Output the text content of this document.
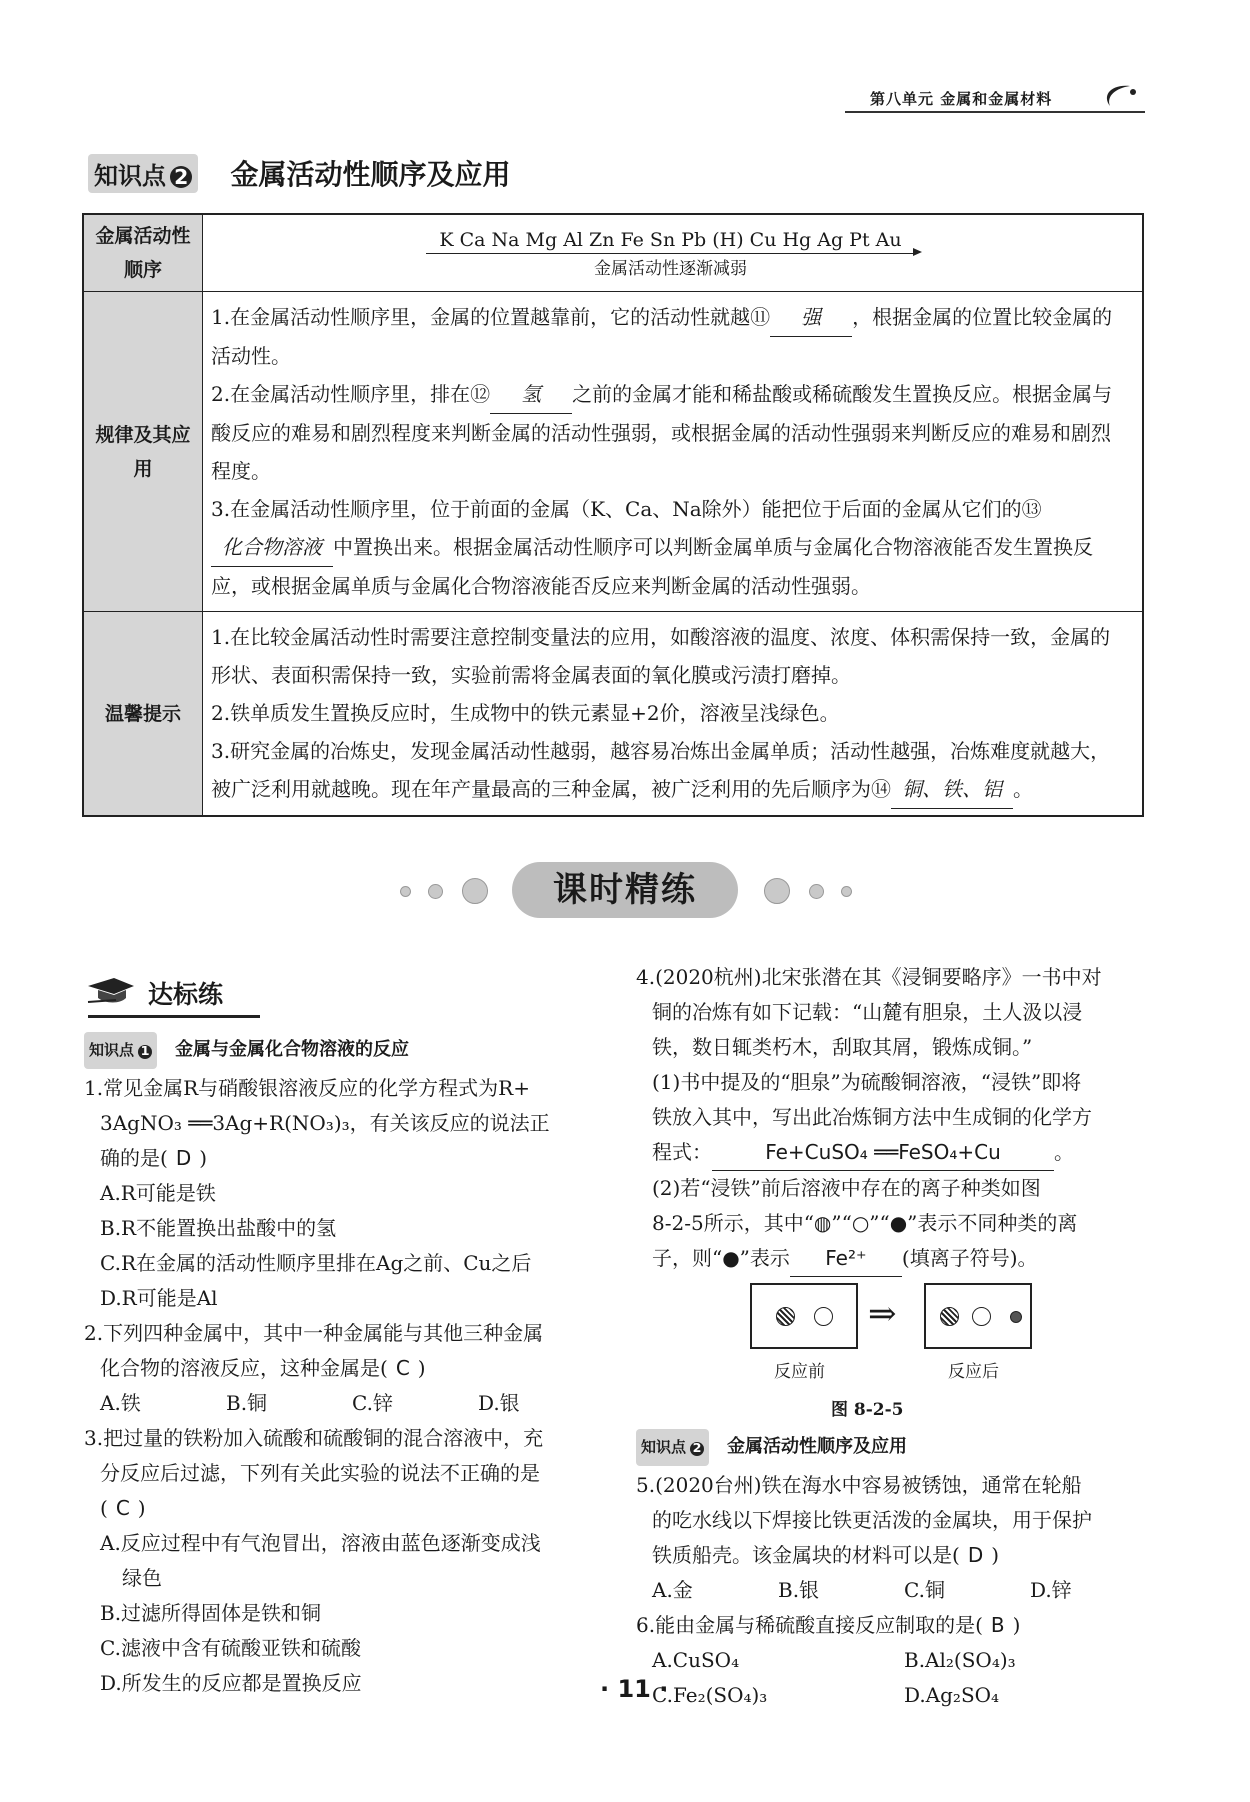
第八单元 金属和金属材料
知识点 2 金属活动性顺序及应用
金属活动性顺序	K Ca Na Mg Al Zn Fe Sn Pb (H) Cu Hg Ag Pt Au
金属活动性逐渐减弱

规律及其应用	1.在金属活动性顺序里，金属的位置越靠前，它的活动性就越⑪ 强 ，根据金属的位置比较金属的活动性。
2.在金属活动性顺序里，排在⑫ 氢 之前的金属才能和稀盐酸或稀硫酸发生置换反应。根据金属与酸反应的难易和剧烈程度来判断金属的活动性强弱，或根据金属的活动性强弱来判断反应的难易和剧烈程度。
3.在金属活动性顺序里，位于前面的金属（K、Ca、Na除外）能把位于后面的金属从它们的⑬化合物溶液 中置换出来。根据金属活动性顺序可以判断金属单质与金属化合物溶液能否发生置换反应，或根据金属单质与金属化合物溶液能否反应来判断金属的活动性强弱。

温馨提示	1.在比较金属活动性时需要注意控制变量法的应用，如酸溶液的温度、浓度、体积需保持一致，金属的形状、表面积需保持一致，实验前需将金属表面的氧化膜或污渍打磨掉。
2.铁单质发生置换反应时，生成物中的铁元素显+2价，溶液呈浅绿色。
3.研究金属的冶炼史，发现金属活动性越弱，越容易冶炼出金属单质；活动性越强，冶炼难度就越大，被广泛利用就越晚。现在年产量最高的三种金属，被广泛利用的先后顺序为⑭ 铜、铁、铝 。
课时精练
达标练
知识点 1 金属与金属化合物溶液的反应

1.常见金属R与硝酸银溶液反应的化学方程式为R+

3AgNO₃ ══3Ag+R(NO₃)₃，有关该反应的说法正

确的是( D )

A.R可能是铁

B.R不能置换出盐酸中的氢

C.R在金属的活动性顺序里排在Ag之前、Cu之后

D.R可能是Al

2.下列四种金属中，其中一种金属能与其他三种金属

化合物的溶液反应，这种金属是( C )

A.铁	B.铜	C.锌	D.银

3.把过量的铁粉加入硫酸和硫酸铜的混合溶液中，充

分反应后过滤，下列有关此实验的说法不正确的是

( C )

A.反应过程中有气泡冒出，溶液由蓝色逐渐变成浅

绿色

B.过滤所得固体是铁和铜

C.滤液中含有硫酸亚铁和硫酸

D.所发生的反应都是置换反应

4.(2020杭州)北宋张潜在其《浸铜要略序》一书中对

铜的冶炼有如下记载：“山麓有胆泉，土人汲以浸

铁，数日辄类朽木，刮取其屑，锻炼成铜。”

(1)书中提及的“胆泉”为硫酸铜溶液，“浸铁”即将

铁放入其中，写出此冶炼铜方法中生成铜的化学方

程式：	Fe+CuSO₄ ══FeSO₄+Cu	。

(2)若“浸铁”前后溶液中存在的离子种类如图

8-2-5所示，其中“◍”“○”“●”表示不同种类的离

子，则“●”表示 Fe²⁺ (填离子符号)。

⇒
反应前	反应后
图 8-2-5
知识点 2 金属活动性顺序及应用

5.(2020台州)铁在海水中容易被锈蚀，通常在轮船

的吃水线以下焊接比铁更活泼的金属块，用于保护

铁质船壳。该金属块的材料可以是( D )

A.金	B.银	C.铜	D.锌

6.能由金属与稀硫酸直接反应制取的是( B )

A.CuSO₄	B.Al₂(SO₄)₃

C.Fe₂(SO₄)₃	D.Ag₂SO₄

· 11 ·
